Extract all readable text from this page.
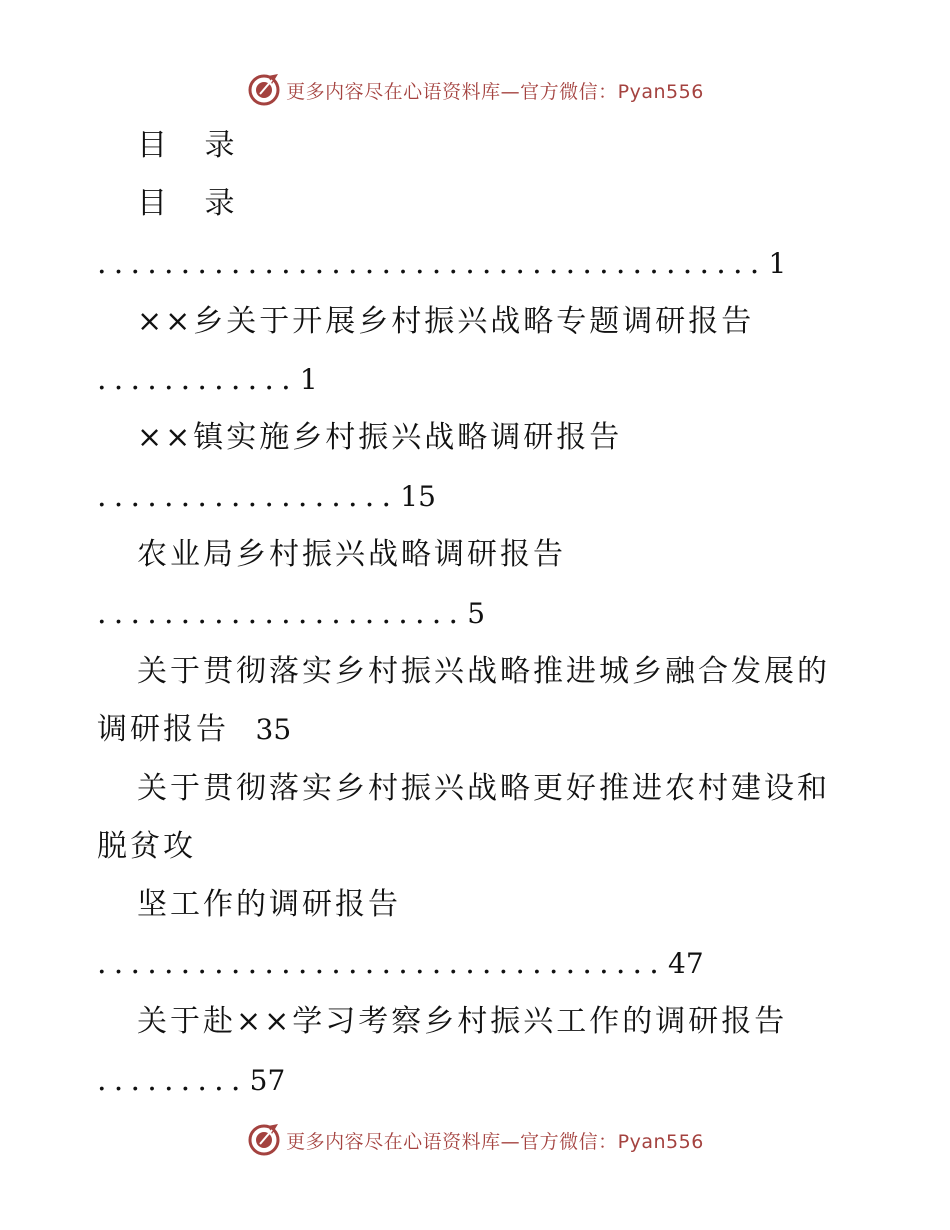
更多内容尽在心语资料库—官方微信：Pyan556
目 录
目 录
........................................1
××乡关于开展乡村振兴战略专题调研报告
............1
××镇实施乡村振兴战略调研报告
..................15
农业局乡村振兴战略调研报告
......................5
关于贯彻落实乡村振兴战略推进城乡融合发展的
调研报告 35
关于贯彻落实乡村振兴战略更好推进农村建设和
脱贫攻
坚工作的调研报告
..................................47
关于赴××学习考察乡村振兴工作的调研报告
.........57
更多内容尽在心语资料库—官方微信：Pyan556
